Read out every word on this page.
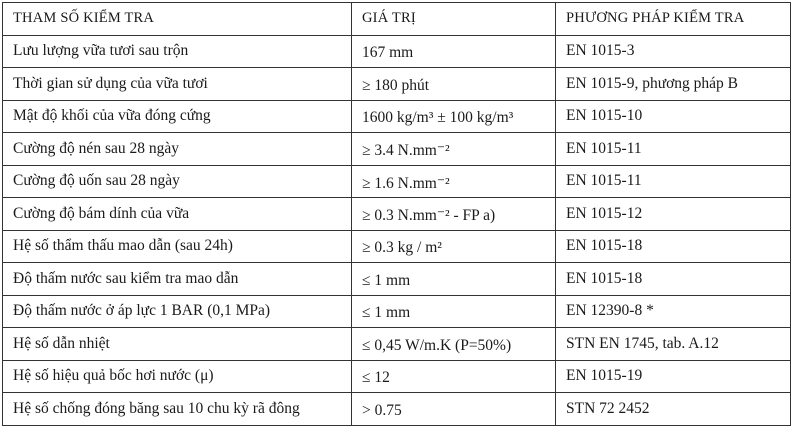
THAM SỐ KIỂM TRA	GIÁ TRỊ	PHƯƠNG PHÁP KIỂM TRA
Lưu lượng vữa tươi sau trộn	167 mm	EN 1015-3
Thời gian sử dụng của vữa tươi	≥ 180 phút	EN 1015-9, phương pháp B
Mật độ khối của vữa đóng cứng	1600 kg/m³ ± 100 kg/m³	EN 1015-10
Cường độ nén sau 28 ngày	≥ 3.4 N.mm⁻²	EN 1015-11
Cường độ uốn sau 28 ngày	≥ 1.6 N.mm⁻²	EN 1015-11
Cường độ bám dính của vữa	≥ 0.3 N.mm⁻² - FP a)	EN 1015-12
Hệ số thẩm thấu mao dẫn (sau 24h)	≥ 0.3 kg / m²	EN 1015-18
Độ thấm nước sau kiểm tra mao dẫn	≤ 1 mm	EN 1015-18
Độ thấm nước ở áp lực 1 BAR (0,1 MPa)	≤ 1 mm	EN 12390-8 *
Hệ số dẫn nhiệt	≤ 0,45 W/m.K (P=50%)	STN EN 1745, tab. A.12
Hệ số hiệu quả bốc hơi nước (μ)	≤ 12	EN 1015-19
Hệ số chống đóng băng sau 10 chu kỳ rã đông	> 0.75	STN 72 2452
